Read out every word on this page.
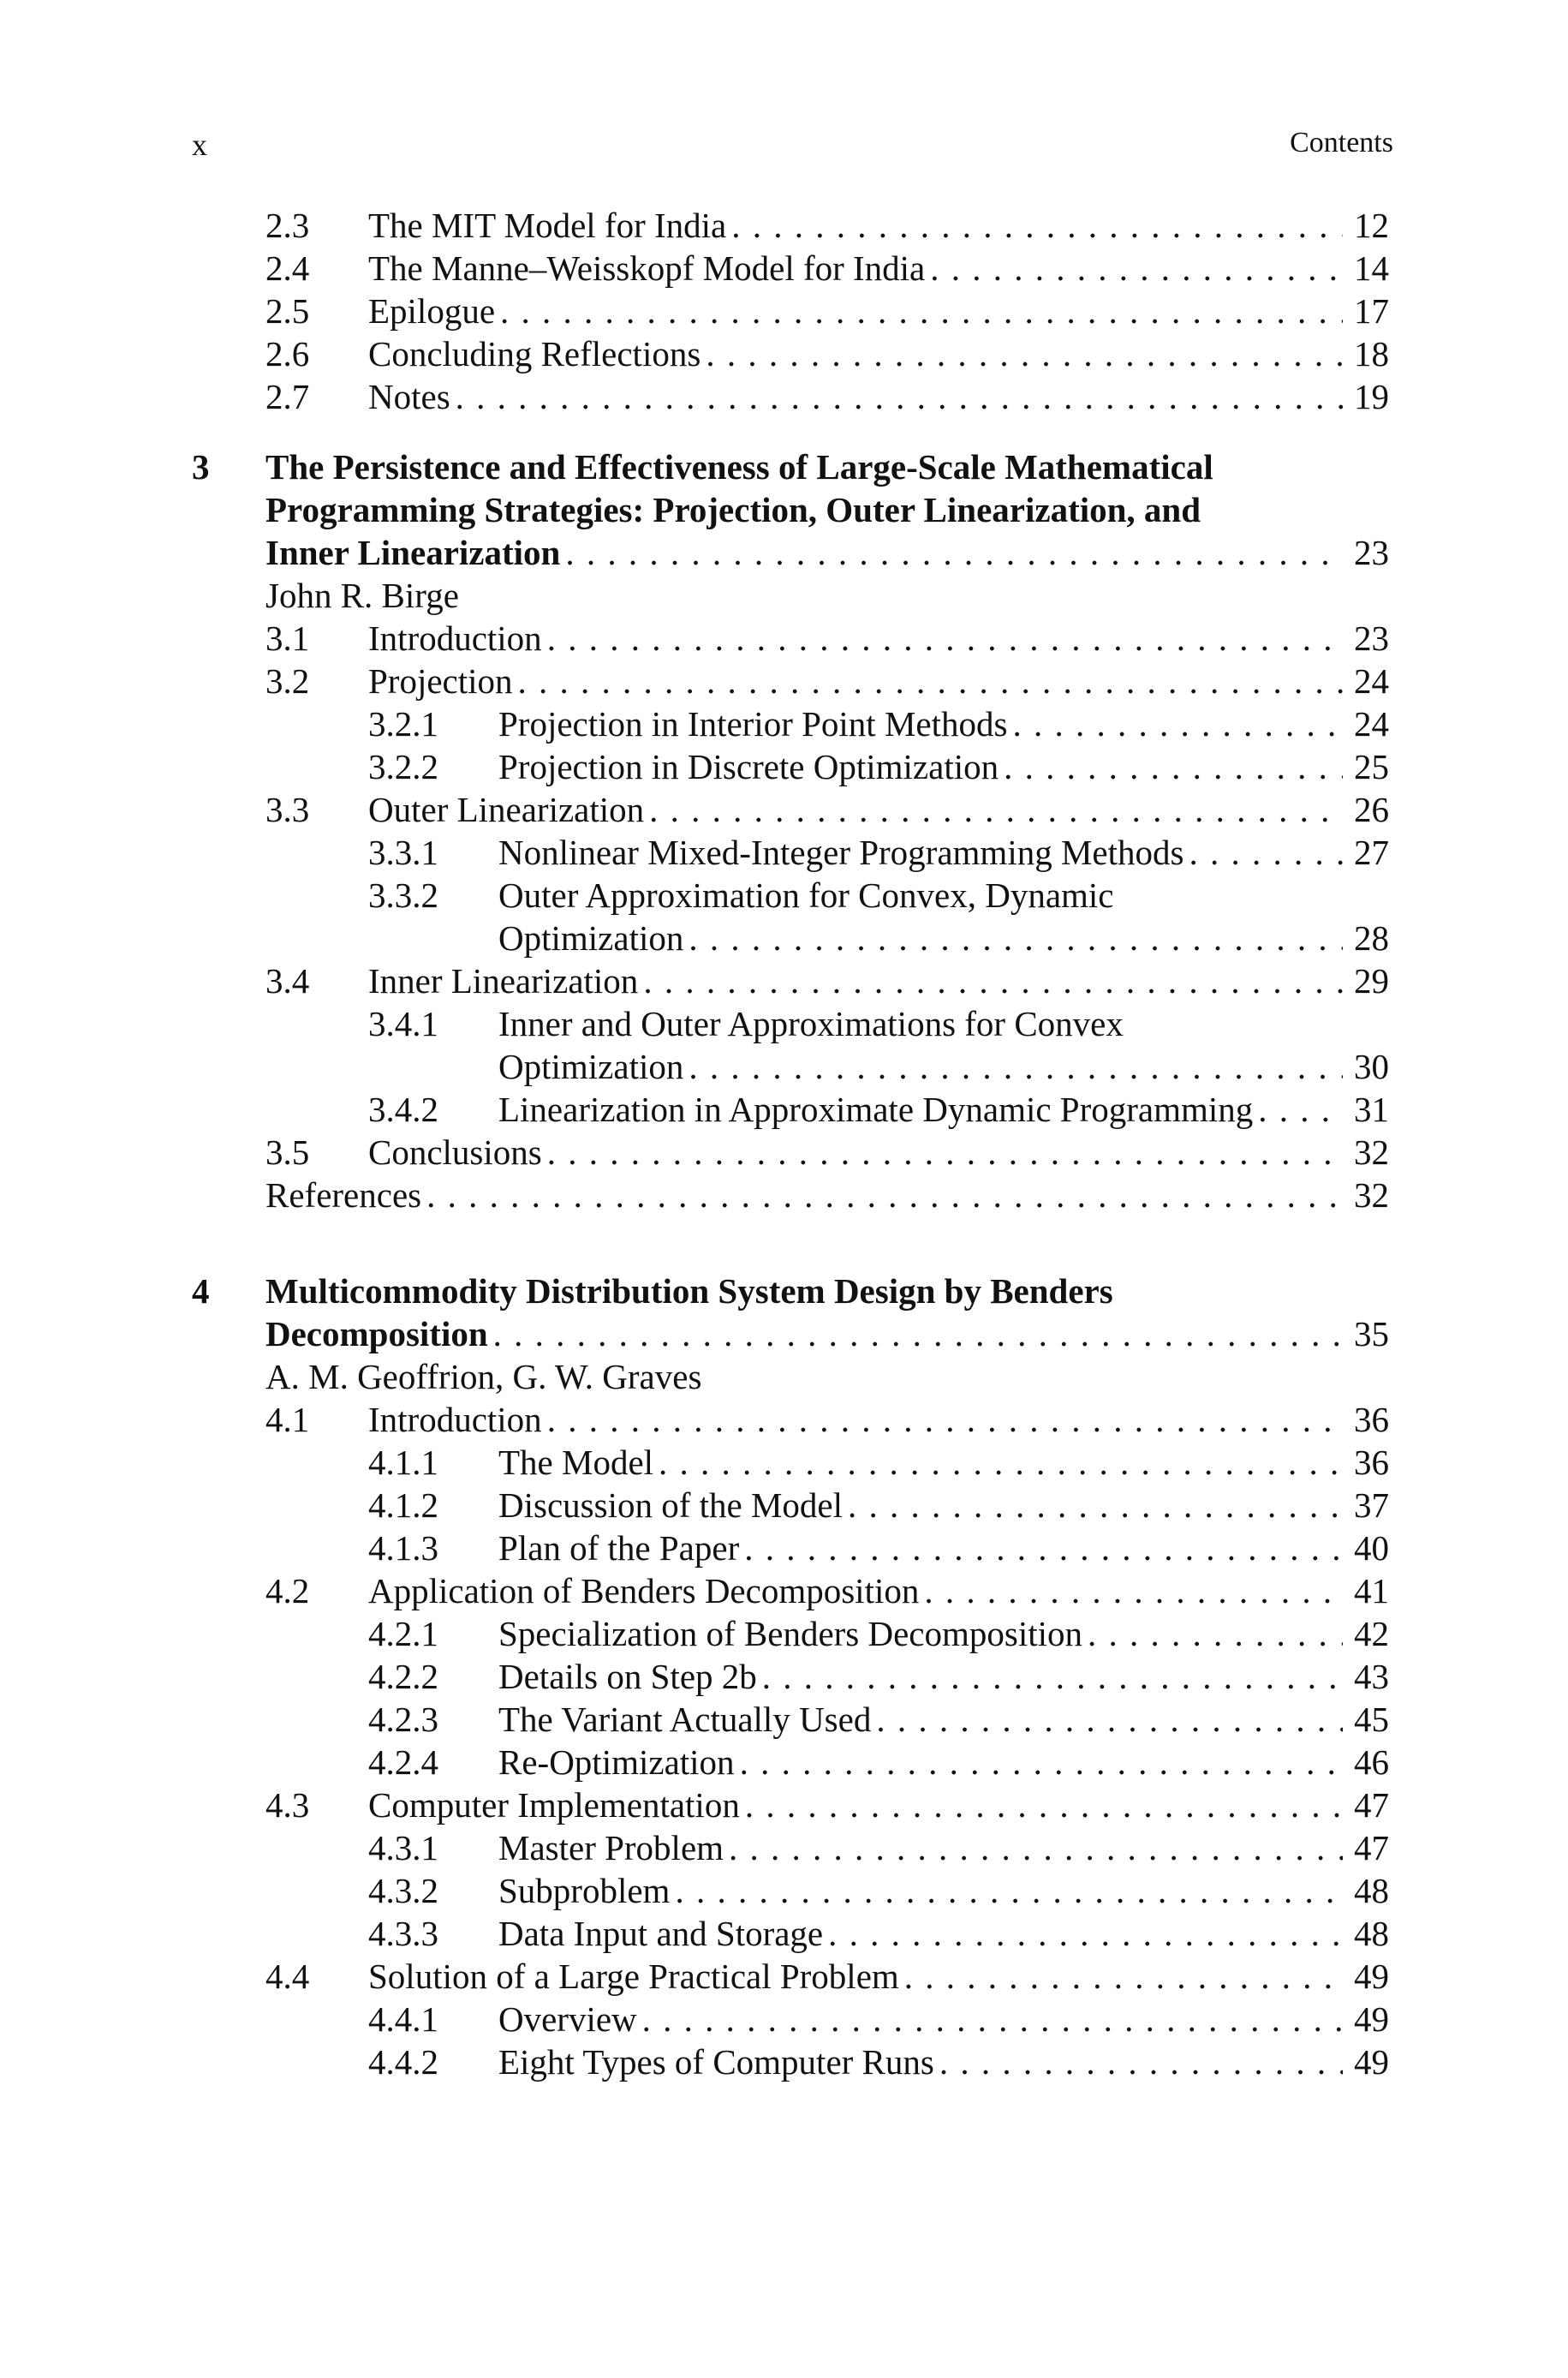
x	Contents
2.3 The MIT Model for India . . .	12
2.4 The Manne–Weisskopf Model for India . . .	14
2.5 Epilogue . . .	17
2.6 Concluding Reflections . . .	18
2.7 Notes . . .	19
3 The Persistence and Effectiveness of Large-Scale Mathematical
Programming Strategies: Projection, Outer Linearization, and
Inner Linearization . . .	23
John R. Birge
3.1 Introduction . . .	23
3.2 Projection . . .	24
3.2.1 Projection in Interior Point Methods . . .	24
3.2.2 Projection in Discrete Optimization . . .	25
3.3 Outer Linearization . . .	26
3.3.1 Nonlinear Mixed-Integer Programming Methods . . .	27
3.3.2 Outer Approximation for Convex, Dynamic
Optimization . . .	28
3.4 Inner Linearization . . .	29
3.4.1 Inner and Outer Approximations for Convex
Optimization . . .	30
3.4.2 Linearization in Approximate Dynamic Programming . . .	31
3.5 Conclusions . . .	32
References . . .	32
4 Multicommodity Distribution System Design by Benders
Decomposition . . .	35
A. M. Geoffrion, G. W. Graves
4.1 Introduction . . .	36
4.1.1 The Model . . .	36
4.1.2 Discussion of the Model . . .	37
4.1.3 Plan of the Paper . . .	40
4.2 Application of Benders Decomposition . . .	41
4.2.1 Specialization of Benders Decomposition . . .	42
4.2.2 Details on Step 2b . . .	43
4.2.3 The Variant Actually Used . . .	45
4.2.4 Re-Optimization . . .	46
4.3 Computer Implementation . . .	47
4.3.1 Master Problem . . .	47
4.3.2 Subproblem . . .	48
4.3.3 Data Input and Storage . . .	48
4.4 Solution of a Large Practical Problem . . .	49
4.4.1 Overview . . .	49
4.4.2 Eight Types of Computer Runs . . .	49
